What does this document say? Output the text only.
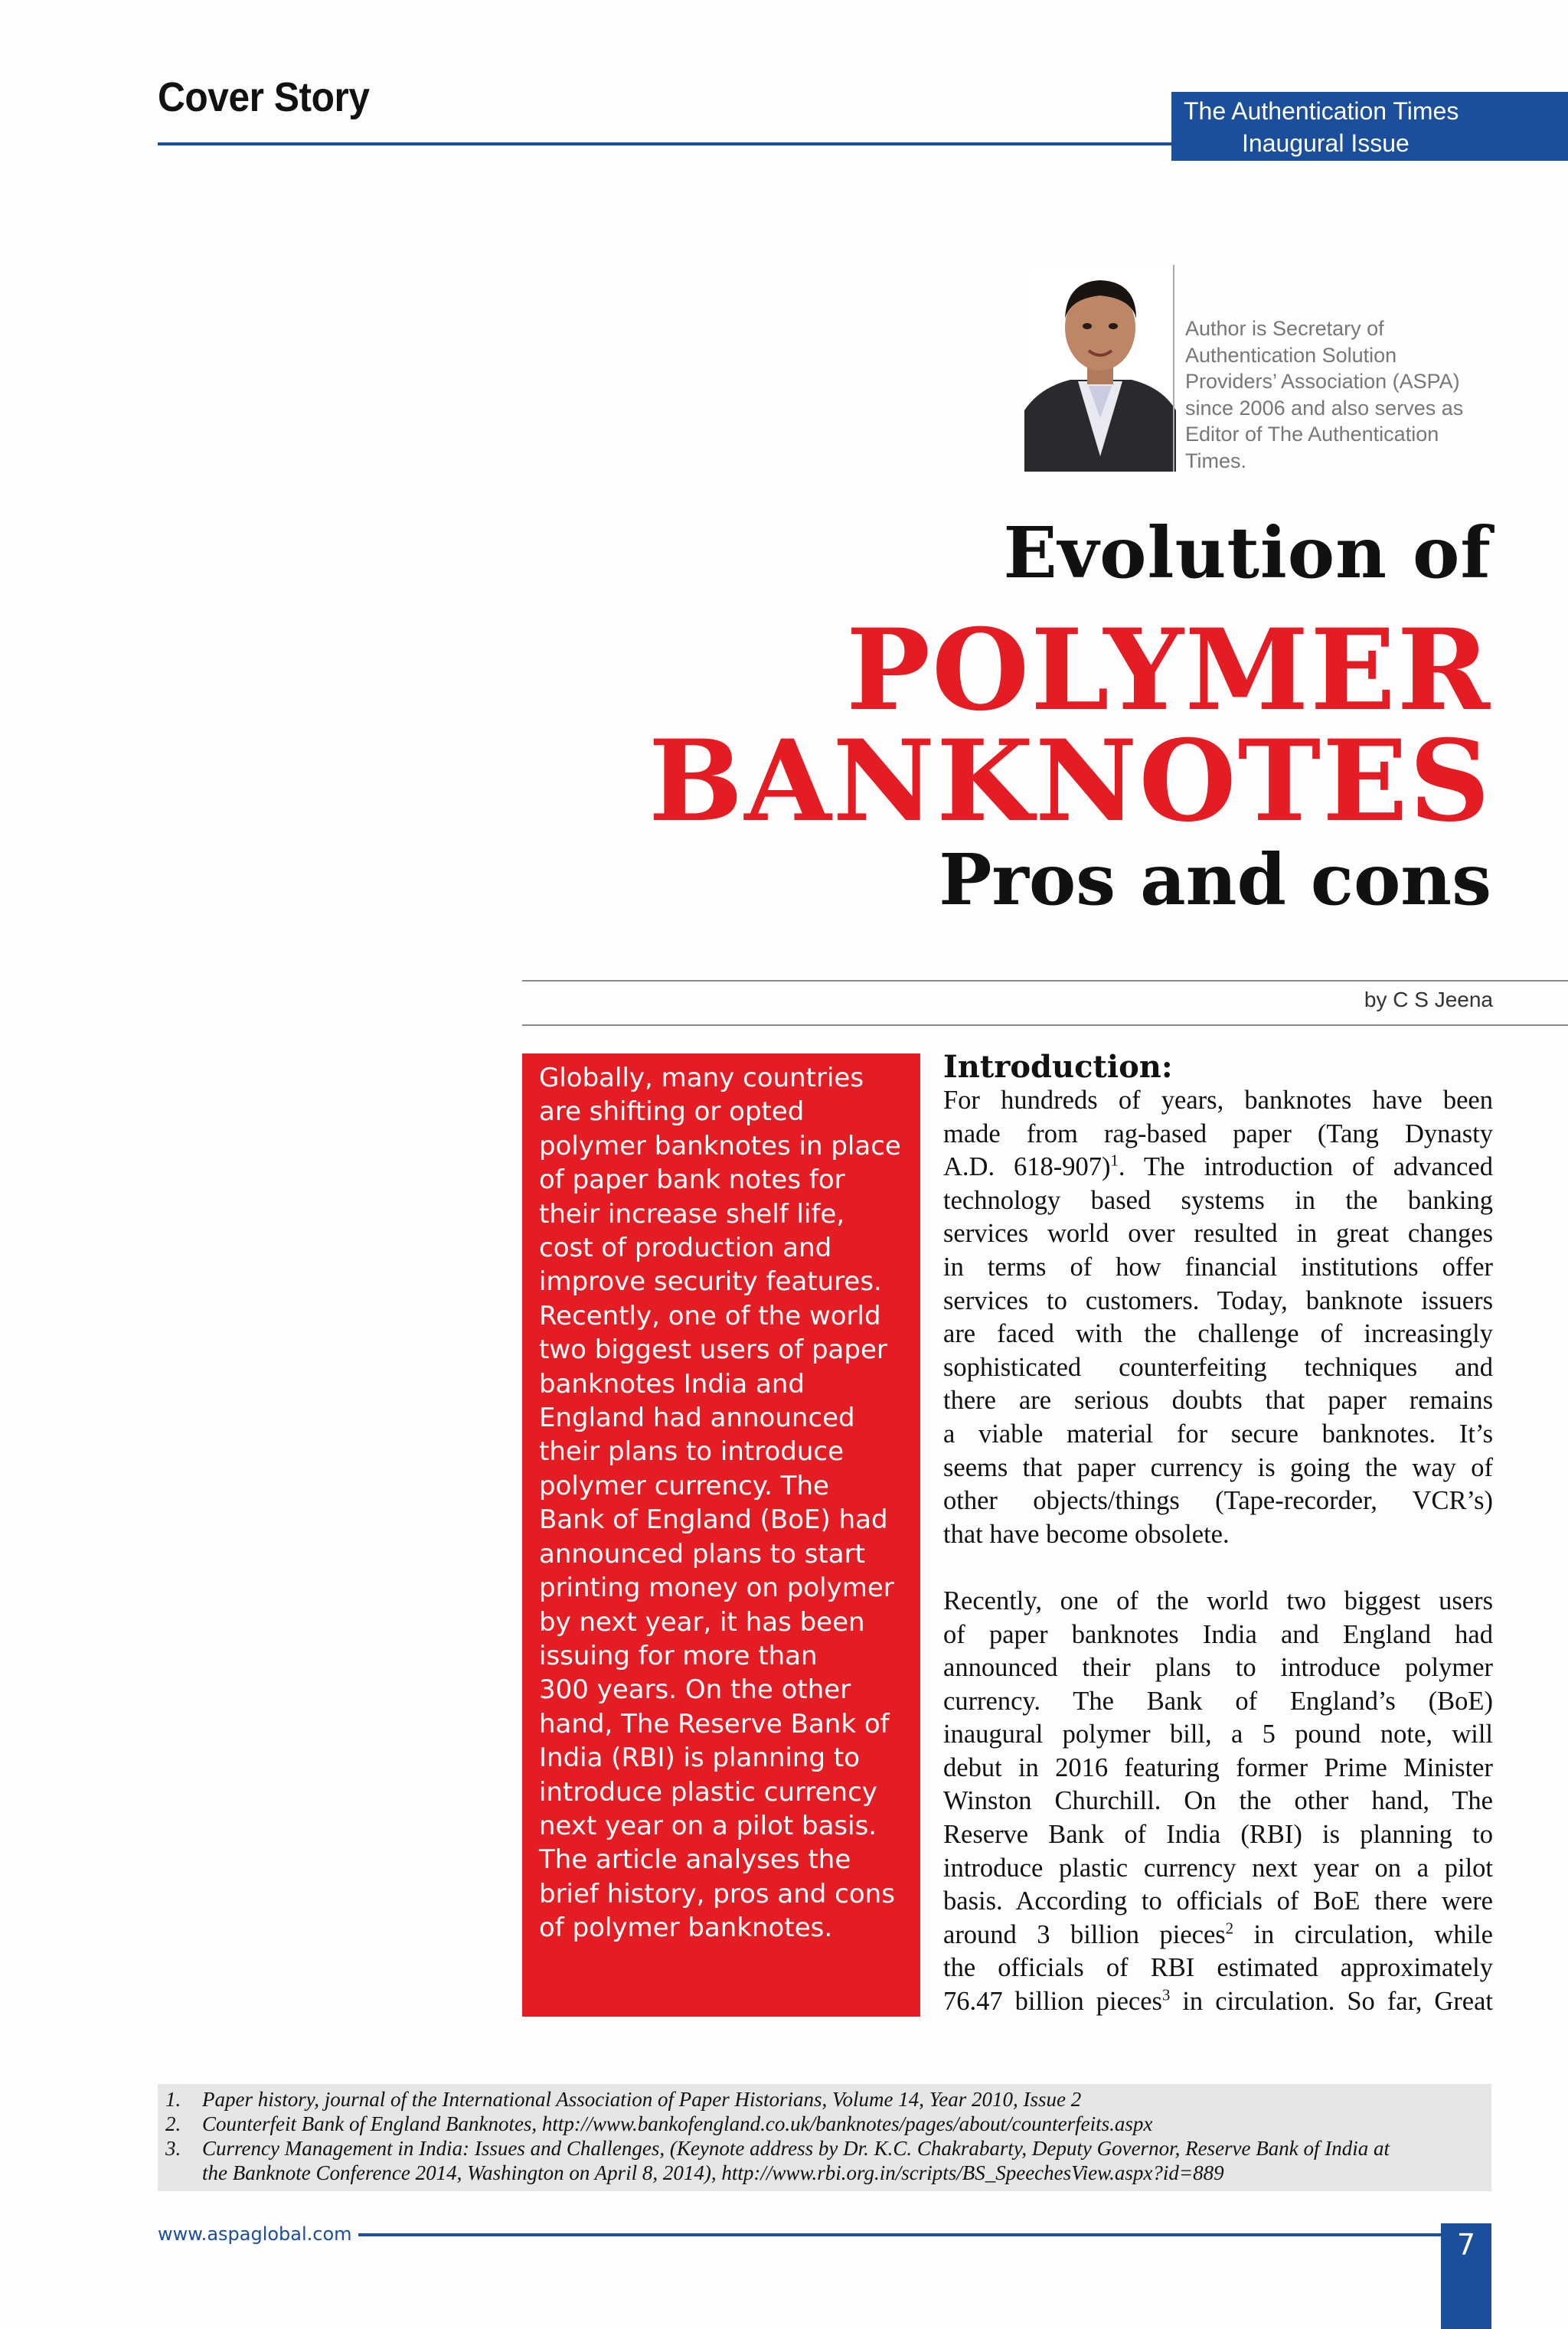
Cover Story	The Authentication Times
Inaugural Issue
Author is Secretary of
Authentication Solution
Providers’ Association (ASPA)
since 2006 and also serves as
Editor of The Authentication
Times.
Evolution of
POLYMER
BANKNOTES
Pros and cons
by C S Jeena
Globally, many countries
are shifting or opted
polymer banknotes in place
of paper bank notes for
their increase shelf life,
cost of production and
improve security features.
Recently, one of the world
two biggest users of paper
banknotes India and
England had announced
their plans to introduce
polymer currency. The
Bank of England (BoE) had
announced plans to start
printing money on polymer
by next year, it has been
issuing for more than
300 years. On the other
hand, The Reserve Bank of
India (RBI) is planning to
introduce plastic currency
next year on a pilot basis.
The article analyses the
brief history, pros and cons
of polymer banknotes.
Introduction:
For hundreds of years, banknotes have been
made from rag-based paper (Tang Dynasty
A.D. 618-907)$^1$. The introduction of advanced
technology based systems in the banking
services world over resulted in great changes
in terms of how financial institutions offer
services to customers. Today, banknote issuers
are faced with the challenge of increasingly
sophisticated counterfeiting techniques and
there are serious doubts that paper remains
a viable material for secure banknotes. It’s
seems that paper currency is going the way of
other objects/things (Tape-recorder, VCR’s)
that have become obsolete.
Recently, one of the world two biggest users
of paper banknotes India and England had
announced their plans to introduce polymer
currency. The Bank of England’s (BoE)
inaugural polymer bill, a 5 pound note, will
debut in 2016 featuring former Prime Minister
Winston Churchill. On the other hand, The
Reserve Bank of India (RBI) is planning to
introduce plastic currency next year on a pilot
basis. According to officials of BoE there were
around 3 billion pieces$^2$ in circulation, while
the officials of RBI estimated approximately
76.47 billion pieces$^3$ in circulation. So far, Great
1. Paper history, journal of the International Association of Paper Historians, Volume 14, Year 2010, Issue 2
2. Counterfeit Bank of England Banknotes, http://www.bankofengland.co.uk/banknotes/pages/about/counterfeits.aspx
3. Currency Management in India: Issues and Challenges, (Keynote address by Dr. K.C. Chakrabarty, Deputy Governor, Reserve Bank of India at
the Banknote Conference 2014, Washington on April 8, 2014), http://www.rbi.org.in/scripts/BS_SpeechesView.aspx?id=889
www.aspaglobal.com	7
